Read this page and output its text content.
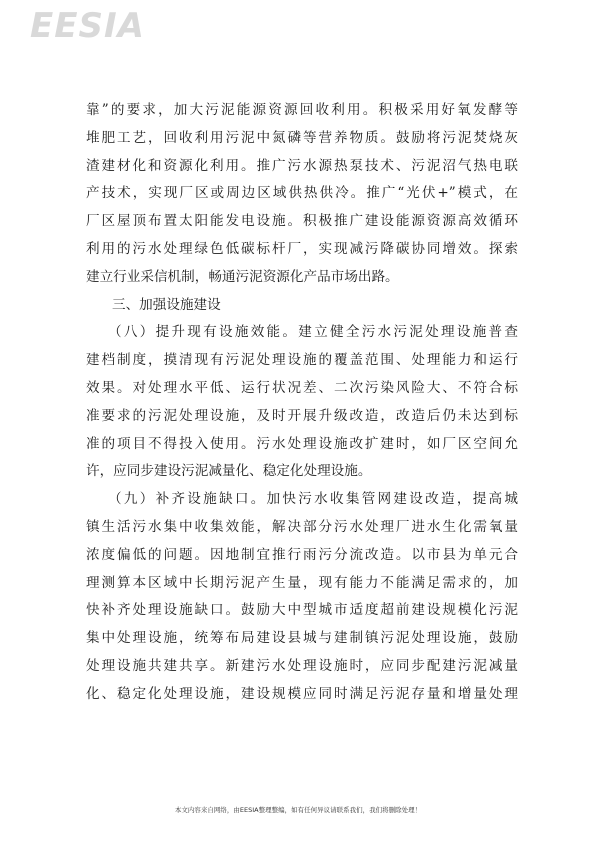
EESIA
靠”的要求，加大污泥能源资源回收利用。积极采用好氧发酵等
堆肥工艺，回收利用污泥中氮磷等营养物质。鼓励将污泥焚烧灰
渣建材化和资源化利用。推广污水源热泵技术、污泥沼气热电联
产技术，实现厂区或周边区域供热供冷。推广“光伏+”模式，在
厂区屋顶布置太阳能发电设施。积极推广建设能源资源高效循环
利用的污水处理绿色低碳标杆厂，实现减污降碳协同增效。探索
建立行业采信机制，畅通污泥资源化产品市场出路。
三、加强设施建设
（八）提升现有设施效能。建立健全污水污泥处理设施普查
建档制度，摸清现有污泥处理设施的覆盖范围、处理能力和运行
效果。对处理水平低、运行状况差、二次污染风险大、不符合标
准要求的污泥处理设施，及时开展升级改造，改造后仍未达到标
准的项目不得投入使用。污水处理设施改扩建时，如厂区空间允
许，应同步建设污泥减量化、稳定化处理设施。
（九）补齐设施缺口。加快污水收集管网建设改造，提高城
镇生活污水集中收集效能，解决部分污水处理厂进水生化需氧量
浓度偏低的问题。因地制宜推行雨污分流改造。以市县为单元合
理测算本区域中长期污泥产生量，现有能力不能满足需求的，加
快补齐处理设施缺口。鼓励大中型城市适度超前建设规模化污泥
集中处理设施，统筹布局建设县城与建制镇污泥处理设施，鼓励
处理设施共建共享。新建污水处理设施时，应同步配建污泥减量
化、稳定化处理设施，建设规模应同时满足污泥存量和增量处理
本文内容来自网络，由EESIA整理整编，如有任何异议请联系我们，我们将删除处理！
